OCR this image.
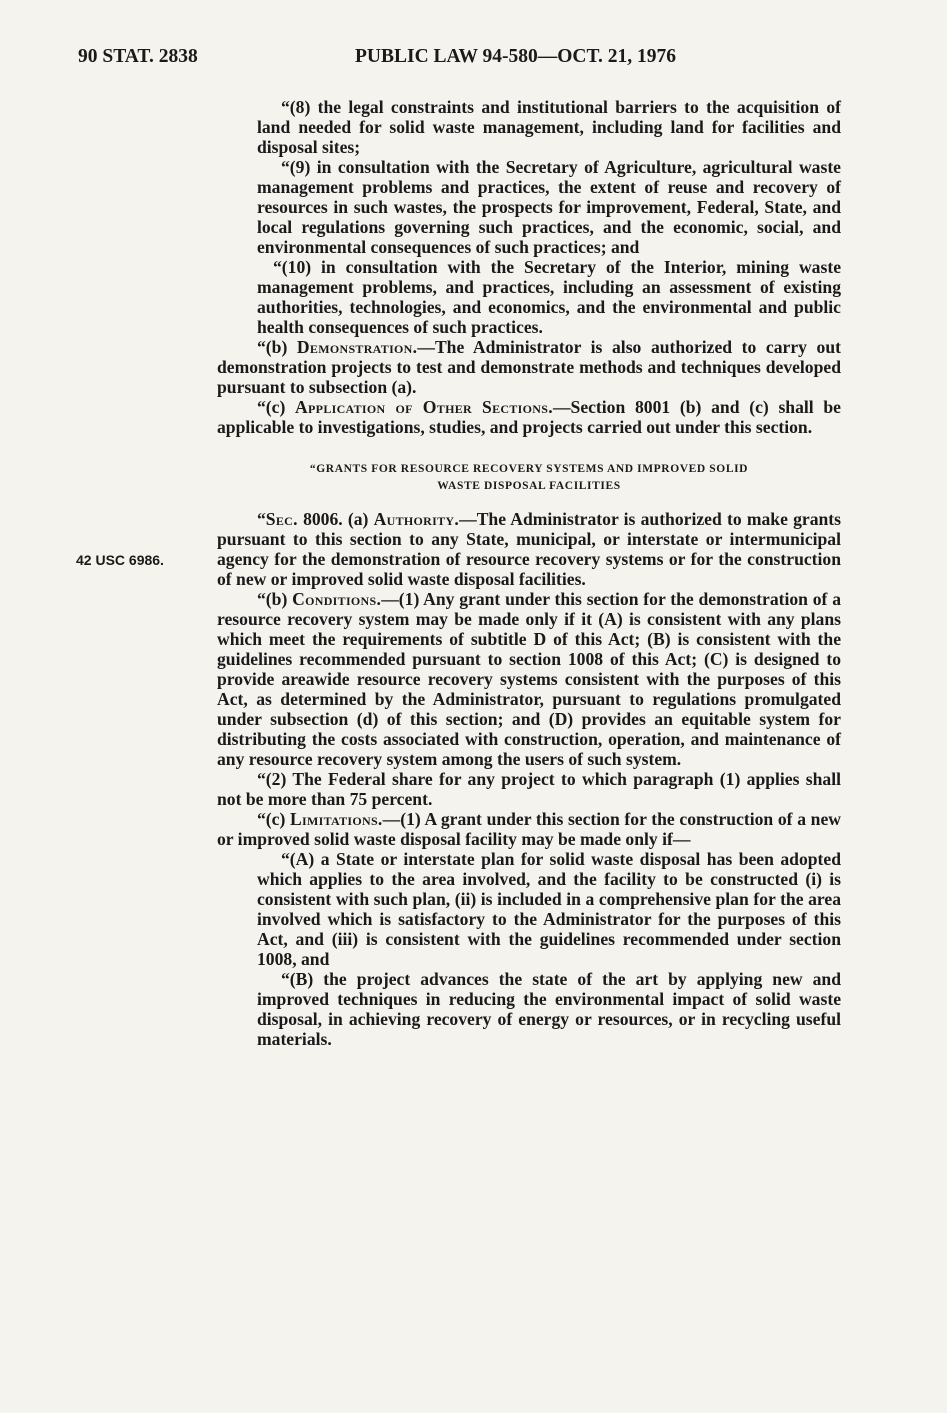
90 STAT. 2838	PUBLIC LAW 94-580—OCT. 21, 1976
42 USC 6986.

“(8) the legal constraints and institutional barriers to the acquisition of land needed for solid waste management, including land for facilities and disposal sites;

“(9) in consultation with the Secretary of Agriculture, agricultural waste management problems and practices, the extent of reuse and recovery of resources in such wastes, the prospects for improvement, Federal, State, and local regulations governing such practices, and the economic, social, and environmental consequences of such practices; and

“(10) in consultation with the Secretary of the Interior, mining waste management problems, and practices, including an assessment of existing authorities, technologies, and economics, and the environmental and public health consequences of such practices.

“(b) Demonstration.—The Administrator is also authorized to carry out demonstration projects to test and demonstrate methods and techniques developed pursuant to subsection (a).

“(c) Application of Other Sections.—Section 8001 (b) and (c) shall be applicable to investigations, studies, and projects carried out under this section.

“GRANTS FOR RESOURCE RECOVERY SYSTEMS AND IMPROVED SOLID
WASTE DISPOSAL FACILITIES

“Sec. 8006. (a) Authority.—The Administrator is authorized to make grants pursuant to this section to any State, municipal, or interstate or intermunicipal agency for the demonstration of resource recovery systems or for the construction of new or improved solid waste disposal facilities.

“(b) Conditions.—(1) Any grant under this section for the demonstration of a resource recovery system may be made only if it (A) is consistent with any plans which meet the requirements of subtitle D of this Act; (B) is consistent with the guidelines recommended pursuant to section 1008 of this Act; (C) is designed to provide areawide resource recovery systems consistent with the purposes of this Act, as determined by the Administrator, pursuant to regulations promulgated under subsection (d) of this section; and (D) provides an equitable system for distributing the costs associated with construction, operation, and maintenance of any resource recovery system among the users of such system.

“(2) The Federal share for any project to which paragraph (1) applies shall not be more than 75 percent.

“(c) Limitations.—(1) A grant under this section for the construction of a new or improved solid waste disposal facility may be made only if—

“(A) a State or interstate plan for solid waste disposal has been adopted which applies to the area involved, and the facility to be constructed (i) is consistent with such plan, (ii) is included in a comprehensive plan for the area involved which is satisfactory to the Administrator for the purposes of this Act, and (iii) is consistent with the guidelines recommended under section 1008, and

“(B) the project advances the state of the art by applying new and improved techniques in reducing the environmental impact of solid waste disposal, in achieving recovery of energy or resources, or in recycling useful materials.
